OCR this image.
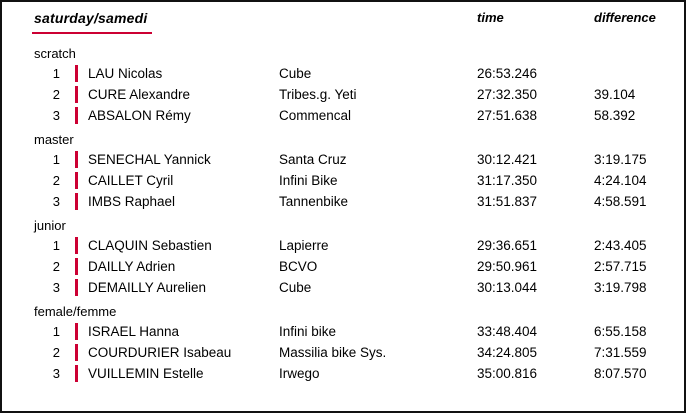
saturday/samedi	time	difference
scratch
1 LAU Nicolas	Cube	26:53.246
2 CURE Alexandre	Tribes.g. Yeti	27:32.350	39.104
3 ABSALON Rémy	Commencal	27:51.638	58.392
master
1 SENECHAL Yannick	Santa Cruz	30:12.421	3:19.175
2 CAILLET Cyril	Infini Bike	31:17.350	4:24.104
3 IMBS Raphael	Tannenbike	31:51.837	4:58.591
junior
1 CLAQUIN Sebastien	Lapierre	29:36.651	2:43.405
2 DAILLY Adrien	BCVO	29:50.961	2:57.715
3 DEMAILLY Aurelien	Cube	30:13.044	3:19.798
female/femme
1 ISRAEL Hanna	Infini bike	33:48.404	6:55.158
2 COURDURIER Isabeau	Massilia bike Sys.	34:24.805	7:31.559
3 VUILLEMIN Estelle	Irwego	35:00.816	8:07.570
